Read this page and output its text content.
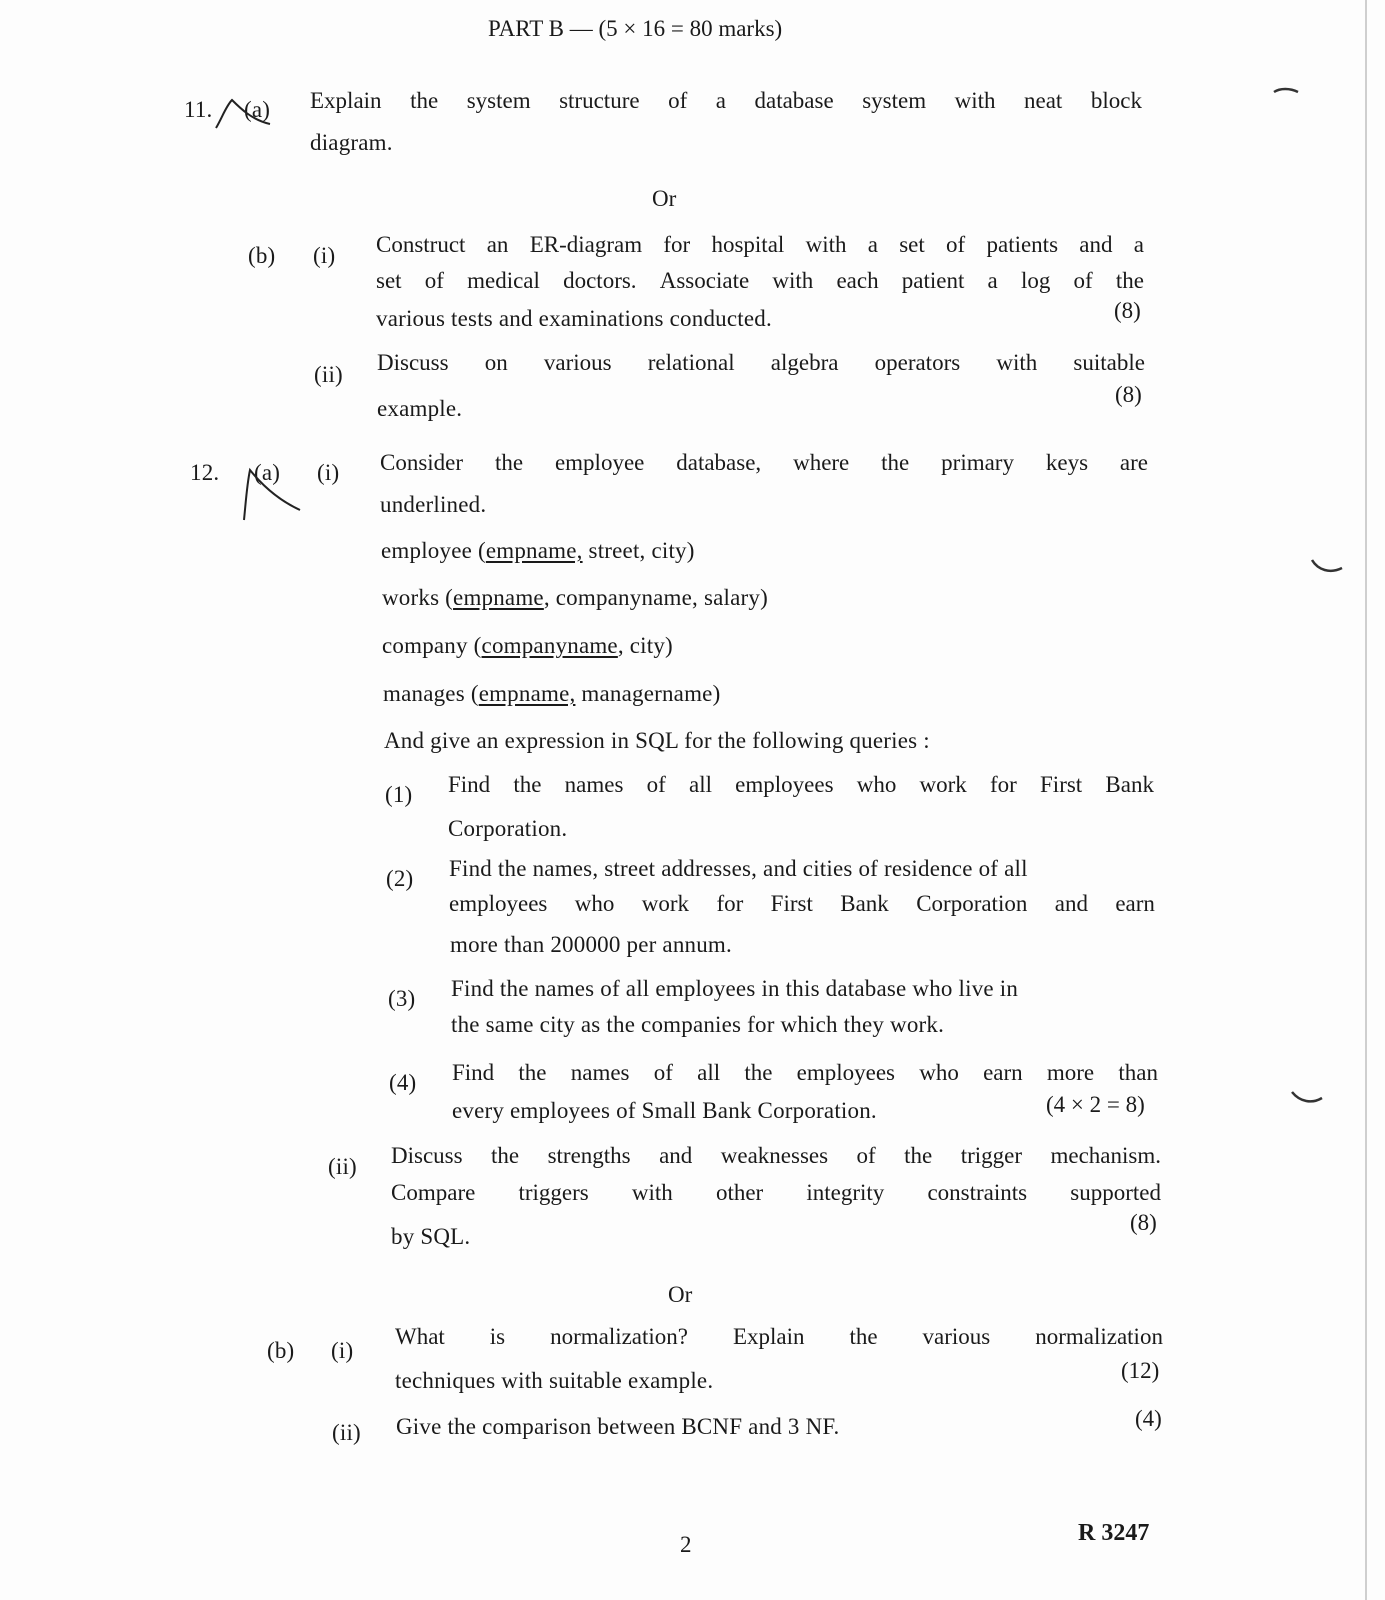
PART B — (5 × 16 = 80 marks)
11. (a) Explain the system structure of a database system with neat block
diagram.
Or
(b) (i) Construct an ER-diagram for hospital with a set of patients and a
set of medical doctors. Associate with each patient a log of the
various tests and examinations conducted.	(8)
(ii) Discuss on various relational algebra operators with suitable
example.
(8)
12. (a) (i) Consider the employee database, where the primary keys are
underlined.
employee (empname, street, city)
works (empname, companyname, salary)
company (companyname, city)
manages (empname, managername)
And give an expression in SQL for the following queries :
(1) Find the names of all employees who work for First Bank
Corporation.
(2) Find the names, street addresses, and cities of residence of all
employees who work for First Bank Corporation and earn
more than 200000 per annum.
(3) Find the names of all employees in this database who live in
the same city as the companies for which they work.
(4) Find the names of all the employees who earn more than
every employees of Small Bank Corporation.	(4 × 2 = 8)
(ii) Discuss the strengths and weaknesses of the trigger mechanism.
Compare triggers with other integrity constraints supported
by SQL.
(8)
Or
(b) (i)
What is normalization? Explain the various normalization
techniques with suitable example.	(12)
(ii) Give the comparison between BCNF and 3 NF.	(4)
2	R 3247
